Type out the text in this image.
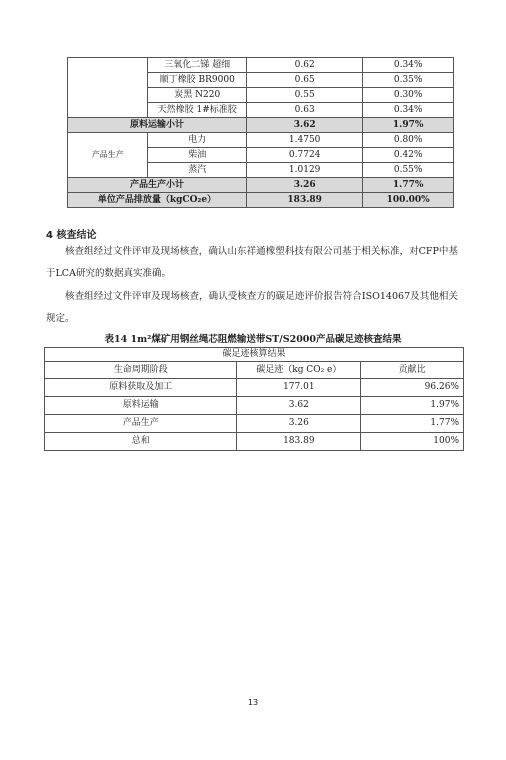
	三氧化二锑 超细	0.62	0.34%
	顺丁橡胶 BR9000	0.65	0.35%
	炭黑 N220	0.55	0.30%
	天然橡胶 1#标准胶	0.63	0.34%
原料运输小计		3.62	1.97%
产品生产	电力	1.4750	0.80%
	柴油	0.7724	0.42%
	蒸汽	1.0129	0.55%
产品生产小计		3.26	1.77%
单位产品排放量（kgCO₂e）		183.89	100.00%
4 核查结论
核查组经过文件评审及现场核查，确认山东祥通橡塑科技有限公司基于相关标准，对CFP中基于LCA研究的数据真实准确。
核查组经过文件评审及现场核查，确认受核查方的碳足迹评价报告符合ISO14067及其他相关规定。
表14 1m²煤矿用钢丝绳芯阻燃输送带ST/S2000产品碳足迹核查结果
碳足迹核算结果		
生命周期阶段	碳足迹（kg CO₂ e）	贡献比
原料获取及加工	177.01	96.26%
原料运输	3.62	1.97%
产品生产	3.26	1.77%
总和	183.89	100%
13
